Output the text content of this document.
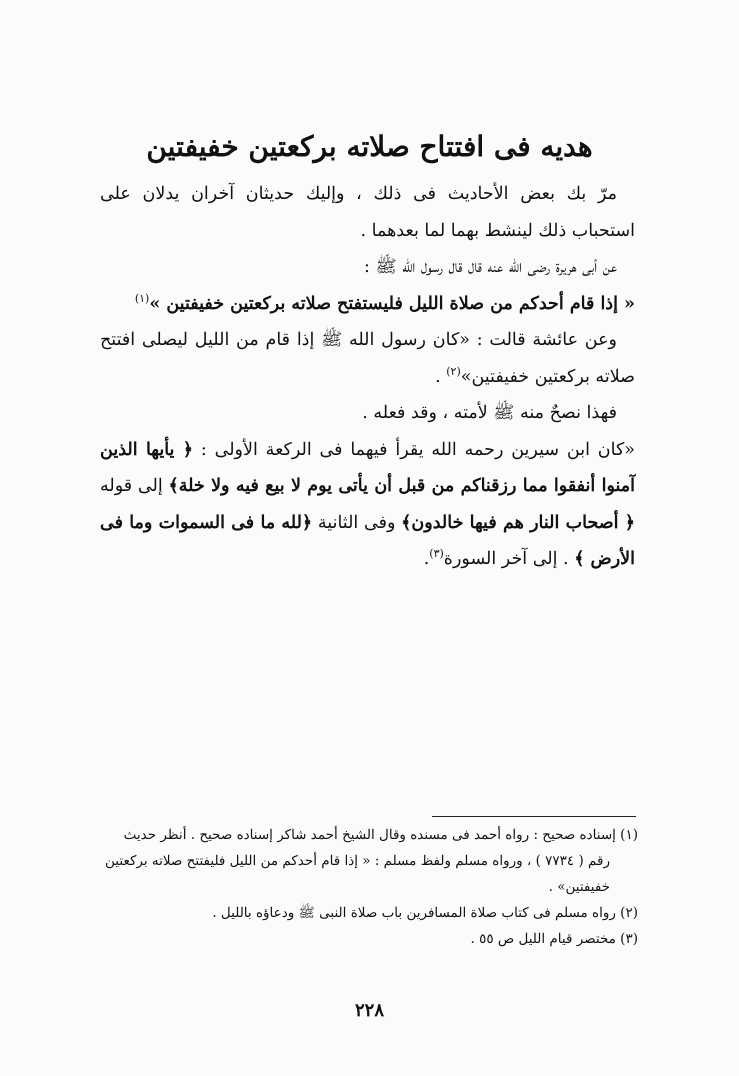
هديه فى افتتاح صلاته بركعتين خفيفتين

مرّ بك بعض الأحاديث فى ذلك ، وإليك حديثان آخران يدلان على استحباب ذلك لينشط بهما لما بعدهما .

عن أبى هريرة رضى الله عنه قال قال رسول الله ﷺ :

« إذا قام أحدكم من صلاة الليل فليستفتح صلاته بركعتين خفيفتين »$^{(١)}$

وعن عائشة قالت : «كان رسول الله ﷺ إذا قام من الليل ليصلى افتتح صلاته بركعتين خفيفتين»$^{(٢)}$ .

فهذا نصحٌ منه ﷺ لأمته ، وقد فعله .

«كان ابن سيرين رحمه الله يقرأ فيهما فى الركعة الأولى : ﴿ يأيها الذين آمنوا أنفقوا مما رزقناكم من قبل أن يأتى يوم لا بيع فيه ولا خلة﴾ إلى قوله ﴿ أصحاب النار هم فيها خالدون﴾ وفى الثانية ﴿لله ما فى السموات وما فى الأرض ﴾ . إلى آخر السورة$^{(٣)}$.

(١) إسناده صحيح : رواه أحمد فى مسنده وقال الشيخ أحمد شاكر إسناده صحيح . أنظر حديث

رقم ( ٧٧٣٤ ) ، ورواه مسلم ولفظ مسلم : « إذا قام أحدكم من الليل فليفتتح صلاته بركعتين

خفيفتين» .

(٢) رواه مسلم فى كتاب صلاة المسافرين باب صلاة النبى ﷺ ودعاؤه بالليل .

(٣) مختصر قيام الليل ص ٥٥ .

٢٢٨
